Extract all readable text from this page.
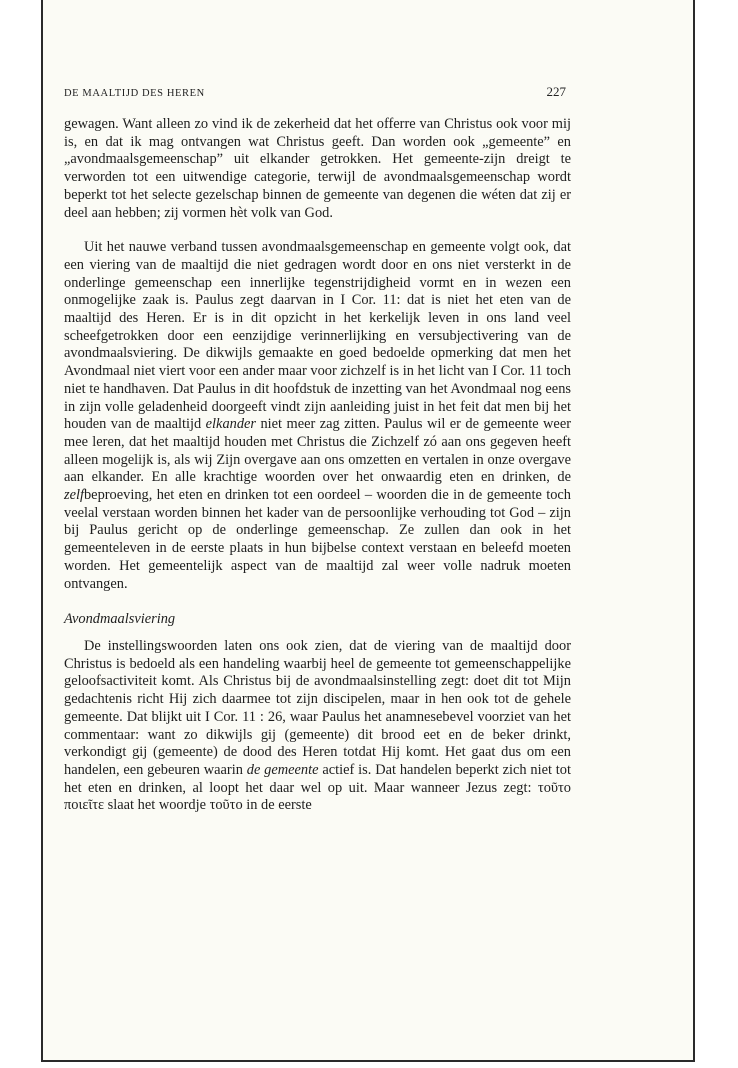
DE MAALTIJD DES HEREN	227

gewagen. Want alleen zo vind ik de zekerheid dat het offerre van Christus ook voor mij is, en dat ik mag ontvangen wat Christus geeft. Dan worden ook „gemeente” en „avondmaalsgemeenschap” uit elkander getrokken. Het gemeente-zijn dreigt te verworden tot een uitwendige categorie, terwijl de avondmaalsgemeenschap wordt beperkt tot het selecte gezelschap binnen de gemeente van degenen die wéten dat zij er deel aan hebben; zij vormen hèt volk van God.

Uit het nauwe verband tussen avondmaalsgemeenschap en gemeente volgt ook, dat een viering van de maaltijd die niet gedragen wordt door en ons niet versterkt in de onderlinge gemeenschap een innerlijke tegenstrijdigheid vormt en in wezen een onmogelijke zaak is. Paulus zegt daarvan in I Cor. 11: dat is niet het eten van de maaltijd des Heren. Er is in dit opzicht in het kerkelijk leven in ons land veel scheefgetrokken door een eenzijdige verinnerlijking en versubjectivering van de avondmaalsviering. De dikwijls gemaakte en goed bedoelde opmerking dat men het Avondmaal niet viert voor een ander maar voor zichzelf is in het licht van I Cor. 11 toch niet te handhaven. Dat Paulus in dit hoofdstuk de inzetting van het Avondmaal nog eens in zijn volle geladenheid doorgeeft vindt zijn aanleiding juist in het feit dat men bij het houden van de maaltijd elkander niet meer zag zitten. Paulus wil er de gemeente weer mee leren, dat het maaltijd houden met Christus die Zichzelf zó aan ons gegeven heeft alleen mogelijk is, als wij Zijn overgave aan ons omzetten en vertalen in onze overgave aan elkander. En alle krachtige woorden over het onwaardig eten en drinken, de zelfbeproeving, het eten en drinken tot een oordeel – woorden die in de gemeente toch veelal verstaan worden binnen het kader van de persoonlijke verhouding tot God – zijn bij Paulus gericht op de onderlinge gemeenschap. Ze zullen dan ook in het gemeenteleven in de eerste plaats in hun bijbelse context verstaan en beleefd moeten worden. Het gemeentelijk aspect van de maaltijd zal weer volle nadruk moeten ontvangen.

Avondmaalsviering

De instellingswoorden laten ons ook zien, dat de viering van de maaltijd door Christus is bedoeld als een handeling waarbij heel de gemeente tot gemeenschappelijke geloofsactiviteit komt. Als Christus bij de avondmaalsinstelling zegt: doet dit tot Mijn gedachtenis richt Hij zich daarmee tot zijn discipelen, maar in hen ook tot de gehele gemeente. Dat blijkt uit I Cor. 11 : 26, waar Paulus het anamnesebevel voorziet van het commentaar: want zo dikwijls gij (gemeente) dit brood eet en de beker drinkt, verkondigt gij (gemeente) de dood des Heren totdat Hij komt. Het gaat dus om een handelen, een gebeuren waarin de gemeente actief is. Dat handelen beperkt zich niet tot het eten en drinken, al loopt het daar wel op uit. Maar wanneer Jezus zegt: τοῦτο ποιεῖτε slaat het woordje τοῦτο in de eerste
